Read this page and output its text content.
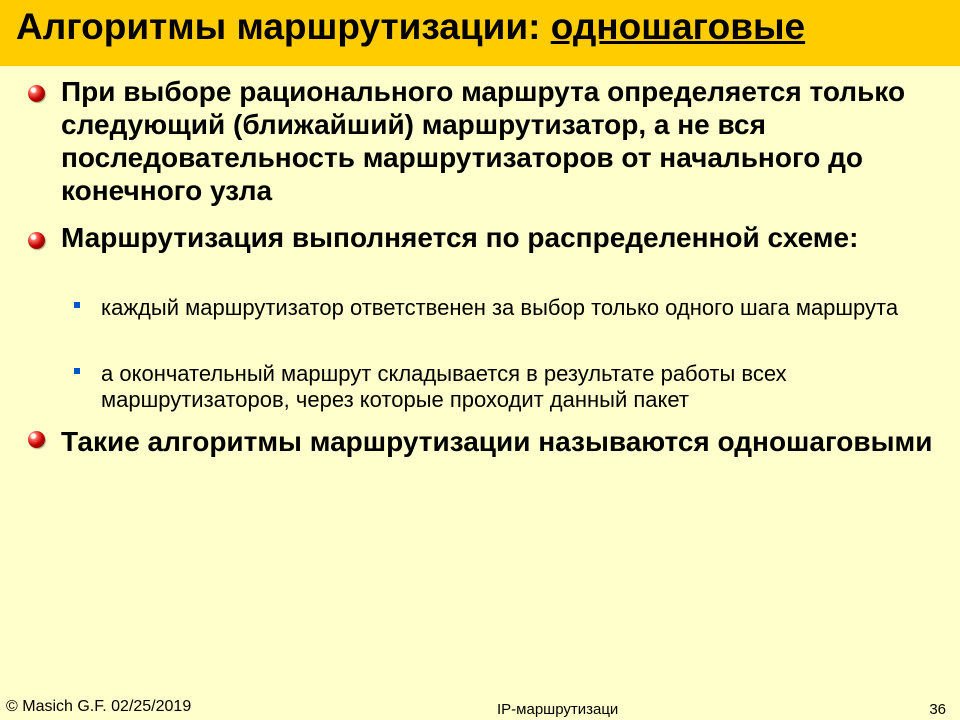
Алгоритмы маршрутизации: одношаговые
При выборе рационального маршрута определяется только следующий (ближайший) маршрутизатор, а не вся последовательность маршрутизаторов от начального до конечного узла
Маршрутизация выполняется по распределенной схеме:
каждый маршрутизатор ответственен за выбор только одного шага маршрута
а окончательный маршрут складывается в результате работы всех маршрутизаторов, через которые проходит данный пакет
Такие алгоритмы маршрутизации называются одношаговыми
© Masich G.F. 02/25/2019	IP-маршрутизаци	36
